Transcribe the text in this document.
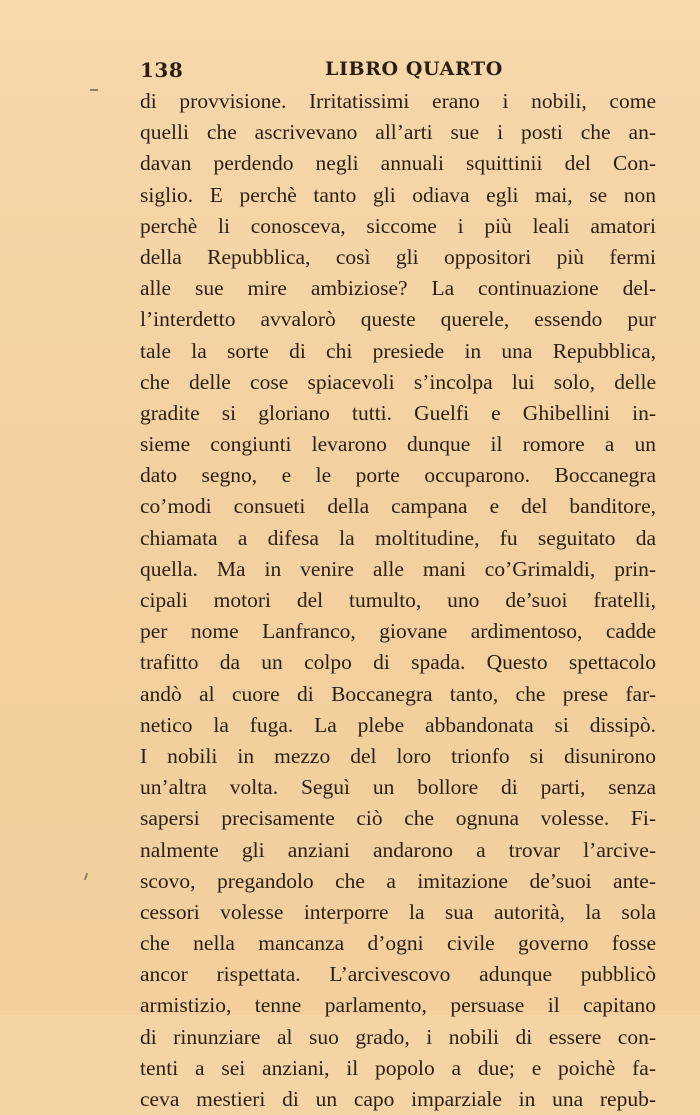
138	LIBRO QUARTO
di provvisione. Irritatissimi erano i nobili, come
quelli che ascrivevano all’arti sue i posti che an-
davan perdendo negli annuali squittinii del Con-
siglio. E perchè tanto gli odiava egli mai, se non
perchè li conosceva, siccome i più leali amatori
della Repubblica, così gli oppositori più fermi
alle sue mire ambiziose? La continuazione del-
l’interdetto avvalorò queste querele, essendo pur
tale la sorte di chi presiede in una Repubblica,
che delle cose spiacevoli s’incolpa lui solo, delle
gradite si gloriano tutti. Guelfi e Ghibellini in-
sieme congiunti levarono dunque il romore a un
dato segno, e le porte occuparono. Boccanegra
co’modi consueti della campana e del banditore,
chiamata a difesa la moltitudine, fu seguitato da
quella. Ma in venire alle mani co’Grimaldi, prin-
cipali motori del tumulto, uno de’suoi fratelli,
per nome Lanfranco, giovane ardimentoso, cadde
trafitto da un colpo di spada. Questo spettacolo
andò al cuore di Boccanegra tanto, che prese far-
netico la fuga. La plebe abbandonata si dissipò.
I nobili in mezzo del loro trionfo si disunirono
un’altra volta. Seguì un bollore di parti, senza
sapersi precisamente ciò che ognuna volesse. Fi-
nalmente gli anziani andarono a trovar l’arcive-
scovo, pregandolo che a imitazione de’suoi ante-
cessori volesse interporre la sua autorità, la sola
che nella mancanza d’ogni civile governo fosse
ancor rispettata. L’arcivescovo adunque pubblicò
armistizio, tenne parlamento, persuase il capitano
di rinunziare al suo grado, i nobili di essere con-
tenti a sei anziani, il popolo a due; e poichè fa-
ceva mestieri di un capo imparziale in una repub-
